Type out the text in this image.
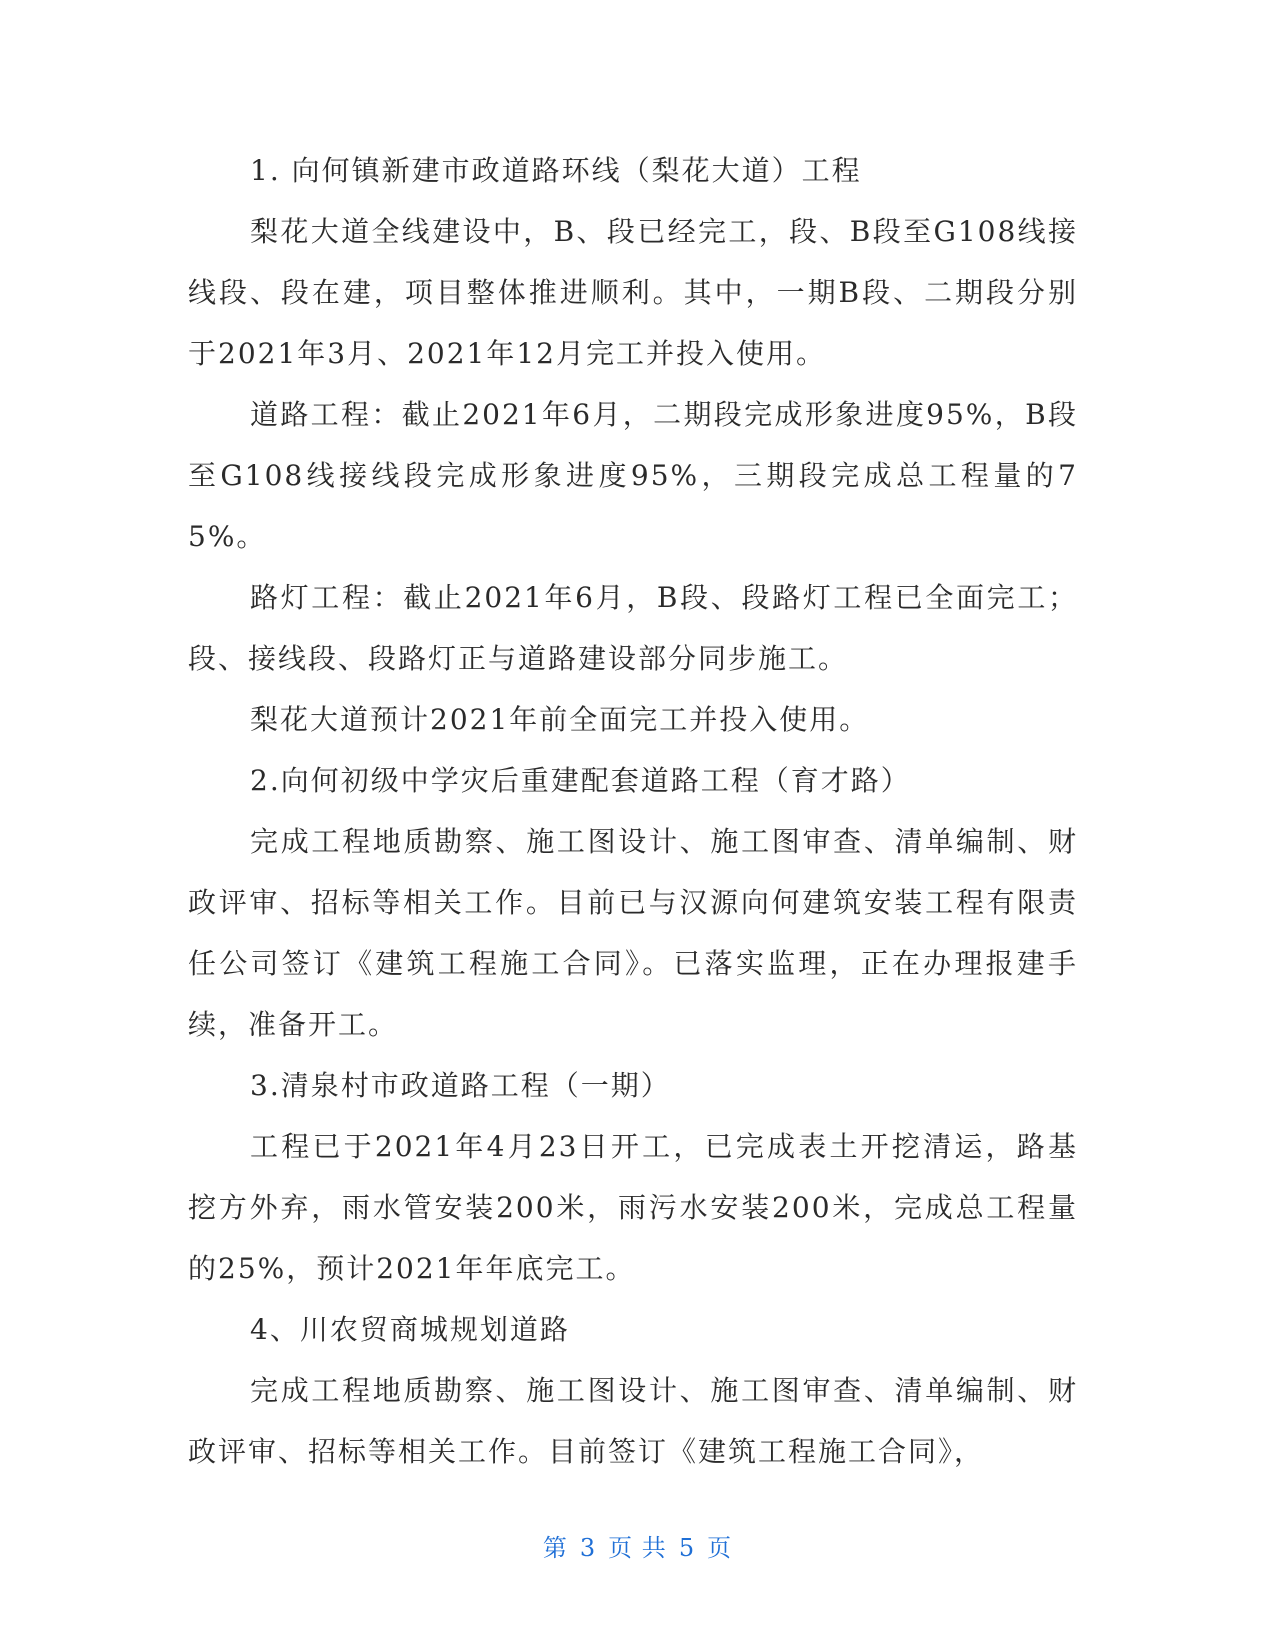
1. 向何镇新建市政道路环线（梨花大道）工程

梨花大道全线建设中，B、段已经完工，段、B段至G108线接线段、段在建，项目整体推进顺利。其中，一期B段、二期段分别于2021年3月、2021年12月完工并投入使用。

道路工程：截止2021年6月，二期段完成形象进度95%，B段至G108线接线段完成形象进度95%，三期段完成总工程量的75%。

路灯工程：截止2021年6月，B段、段路灯工程已全面完工；段、接线段、段路灯正与道路建设部分同步施工。

梨花大道预计2021年前全面完工并投入使用。

2.向何初级中学灾后重建配套道路工程（育才路）

完成工程地质勘察、施工图设计、施工图审查、清单编制、财政评审、招标等相关工作。目前已与汉源向何建筑安装工程有限责任公司签订《建筑工程施工合同》。已落实监理，正在办理报建手续，准备开工。

3.清泉村市政道路工程（一期）

工程已于2021年4月23日开工，已完成表土开挖清运，路基挖方外弃，雨水管安装200米，雨污水安装200米，完成总工程量的25%，预计2021年年底完工。

4、川农贸商城规划道路

完成工程地质勘察、施工图设计、施工图审查、清单编制、财政评审、招标等相关工作。目前签订《建筑工程施工合同》，

第 3 页 共 5 页
